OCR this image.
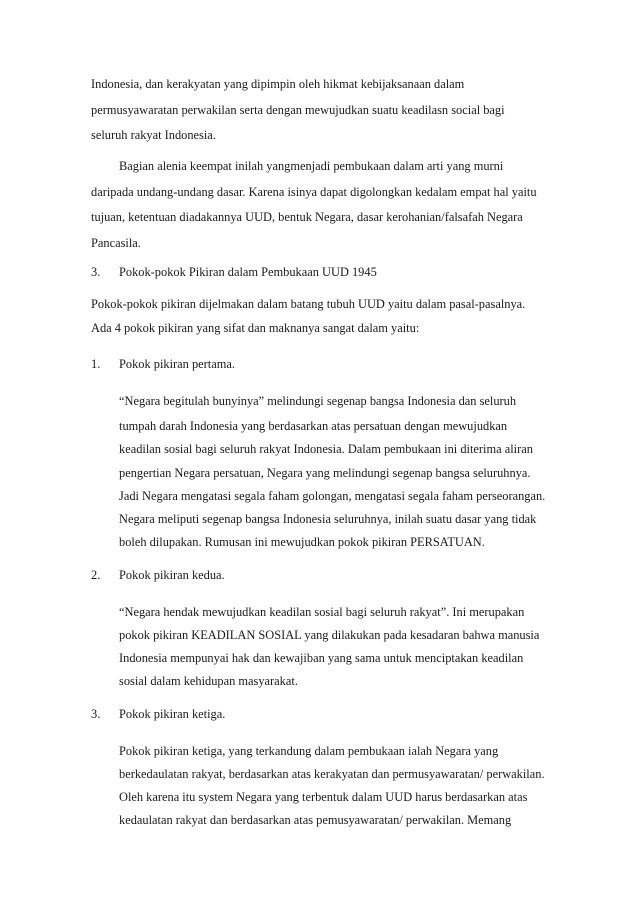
Indonesia, dan kerakyatan yang dipimpin oleh hikmat kebijaksanaan dalam
permusyawaratan perwakilan serta dengan mewujudkan suatu keadilasn social bagi
seluruh rakyat Indonesia.
Bagian alenia keempat inilah yangmenjadi pembukaan dalam arti yang murni
daripada undang-undang dasar. Karena isinya dapat digolongkan kedalam empat hal yaitu
tujuan, ketentuan diadakannya UUD, bentuk Negara, dasar kerohanian/falsafah Negara
Pancasila.
3. Pokok-pokok Pikiran dalam Pembukaan UUD 1945
Pokok-pokok pikiran dijelmakan dalam batang tubuh UUD yaitu dalam pasal-pasalnya.
Ada 4 pokok pikiran yang sifat dan maknanya sangat dalam yaitu:
1. Pokok pikiran pertama.
“Negara begitulah bunyinya” melindungi segenap bangsa Indonesia dan seluruh
tumpah darah Indonesia yang berdasarkan atas persatuan dengan mewujudkan
keadilan sosial bagi seluruh rakyat Indonesia. Dalam pembukaan ini diterima aliran
pengertian Negara persatuan, Negara yang melindungi segenap bangsa seluruhnya.
Jadi Negara mengatasi segala faham golongan, mengatasi segala faham perseorangan.
Negara meliputi segenap bangsa Indonesia seluruhnya, inilah suatu dasar yang tidak
boleh dilupakan. Rumusan ini mewujudkan pokok pikiran PERSATUAN.
2. Pokok pikiran kedua.
“Negara hendak mewujudkan keadilan sosial bagi seluruh rakyat”. Ini merupakan
pokok pikiran KEADILAN SOSIAL yang dilakukan pada kesadaran bahwa manusia
Indonesia mempunyai hak dan kewajiban yang sama untuk menciptakan keadilan
sosial dalam kehidupan masyarakat.
3. Pokok pikiran ketiga.
Pokok pikiran ketiga, yang terkandung dalam pembukaan ialah Negara yang
berkedaulatan rakyat, berdasarkan atas kerakyatan dan permusyawaratan/ perwakilan.
Oleh karena itu system Negara yang terbentuk dalam UUD harus berdasarkan atas
kedaulatan rakyat dan berdasarkan atas pemusyawaratan/ perwakilan. Memang
